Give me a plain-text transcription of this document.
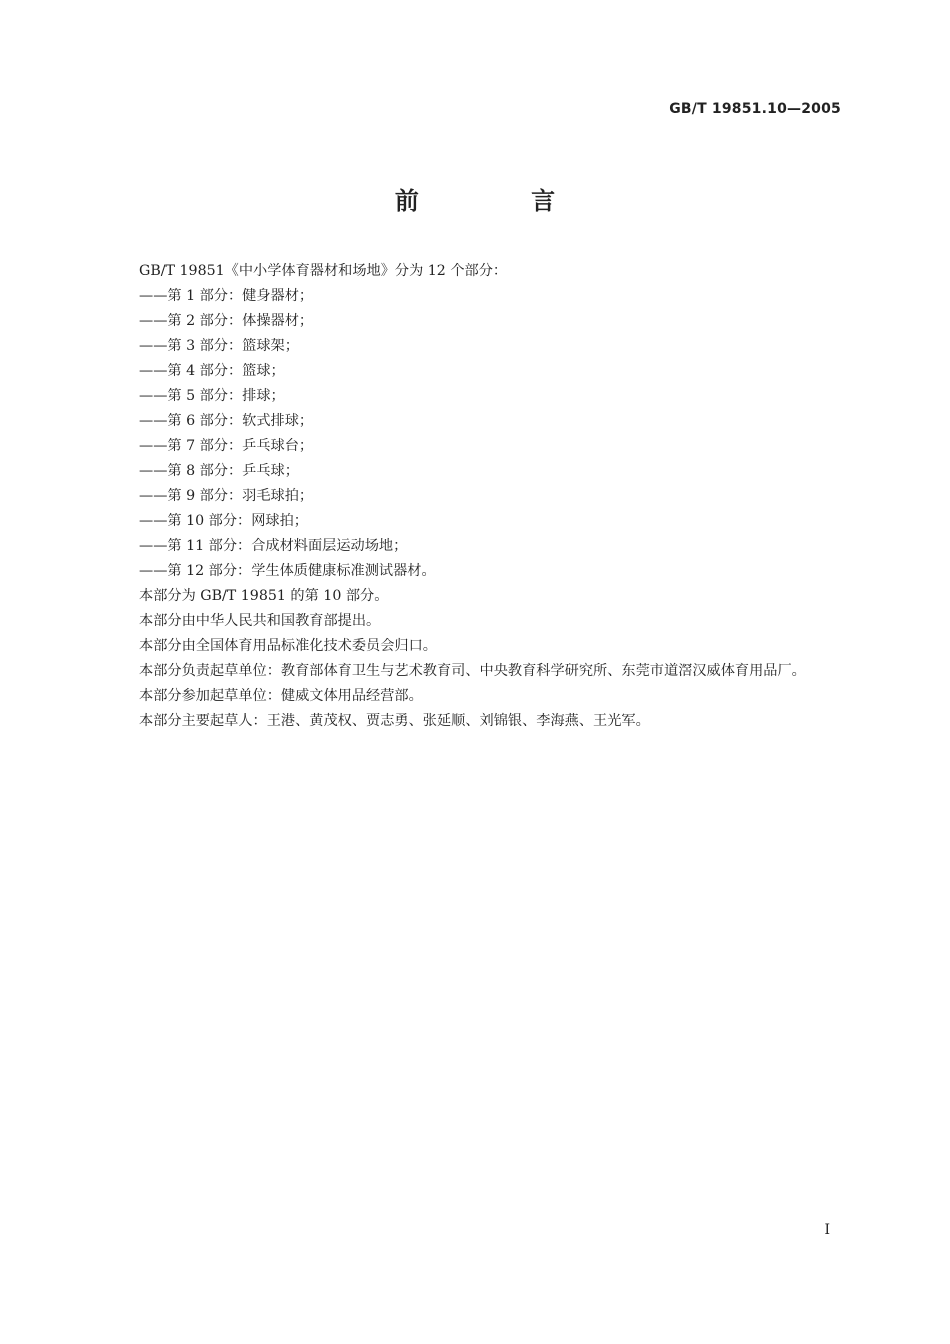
GB/T 19851.10—2005
前 言

GB/T 19851《中小学体育器材和场地》分为 12 个部分：

——第 1 部分：健身器材；
——第 2 部分：体操器材；
——第 3 部分：篮球架；
——第 4 部分：篮球；
——第 5 部分：排球；
——第 6 部分：软式排球；
——第 7 部分：乒乓球台；
——第 8 部分：乒乓球；
——第 9 部分：羽毛球拍；
——第 10 部分：网球拍；
——第 11 部分：合成材料面层运动场地；
——第 12 部分：学生体质健康标准测试器材。

本部分为 GB/T 19851 的第 10 部分。

本部分由中华人民共和国教育部提出。

本部分由全国体育用品标准化技术委员会归口。

本部分负责起草单位：教育部体育卫生与艺术教育司、中央教育科学研究所、东莞市道滘汉威体育用品厂。

本部分参加起草单位：健威文体用品经营部。

本部分主要起草人：王港、黄茂权、贾志勇、张延顺、刘锦银、李海燕、王光军。

I
